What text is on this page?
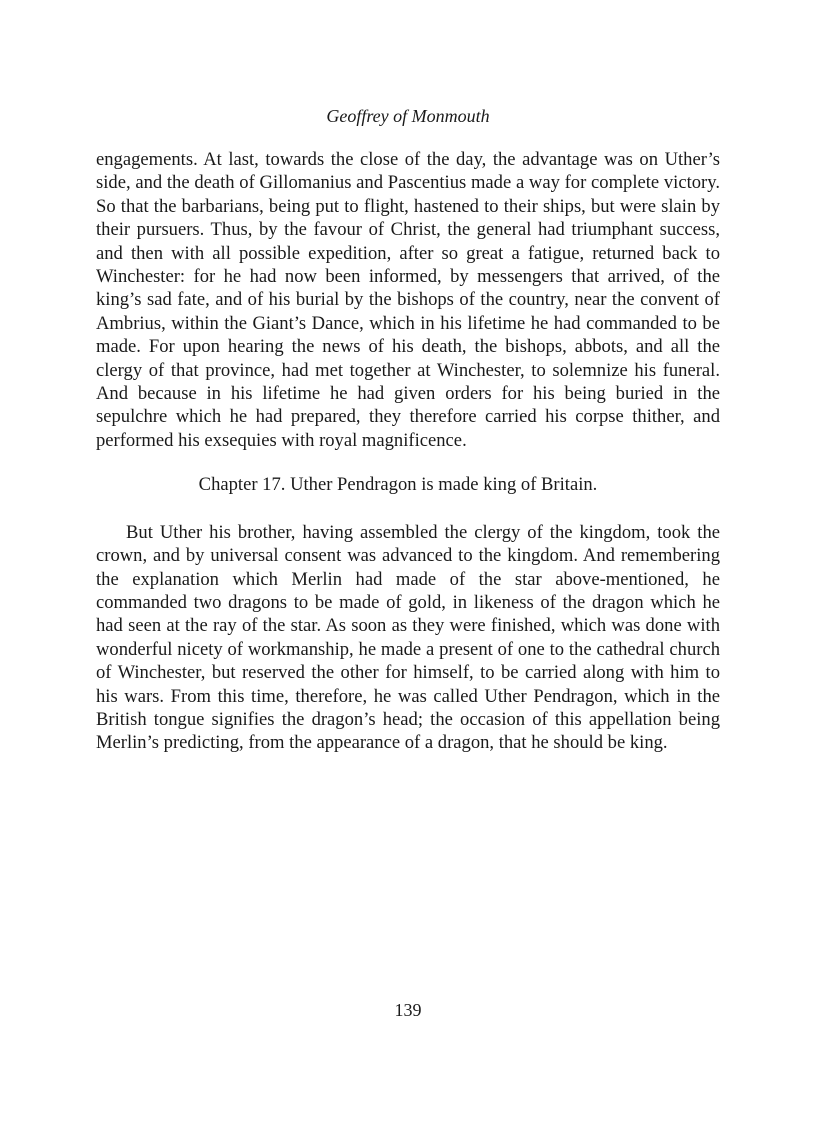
Geoffrey of Monmouth

engagements. At last, towards the close of the day, the advantage was on Uther’s side, and the death of Gillomanius and Pascentius made a way for complete victory. So that the barbarians, being put to flight, hastened to their ships, but were slain by their pursuers. Thus, by the favour of Christ, the general had triumphant success, and then with all possible expedition, after so great a fatigue, returned back to Winchester: for he had now been informed, by messengers that arrived, of the king’s sad fate, and of his burial by the bishops of the country, near the convent of Ambrius, within the Giant’s Dance, which in his lifetime he had commanded to be made. For upon hearing the news of his death, the bishops, abbots, and all the clergy of that province, had met together at Winchester, to solemnize his funeral. And because in his lifetime he had given orders for his being buried in the sepulchre which he had prepared, they therefore carried his corpse thither, and performed his exsequies with royal magnificence.

Chapter 17. Uther Pendragon is made king of Britain.

But Uther his brother, having assembled the clergy of the kingdom, took the crown, and by universal consent was advanced to the kingdom. And remembering the explanation which Merlin had made of the star above-mentioned, he commanded two dragons to be made of gold, in likeness of the dragon which he had seen at the ray of the star. As soon as they were finished, which was done with wonderful nicety of workmanship, he made a present of one to the cathedral church of Winchester, but reserved the other for himself, to be carried along with him to his wars. From this time, therefore, he was called Uther Pendragon, which in the British tongue signifies the dragon’s head; the occasion of this appellation being Merlin’s predicting, from the appearance of a dragon, that he should be king.

139
